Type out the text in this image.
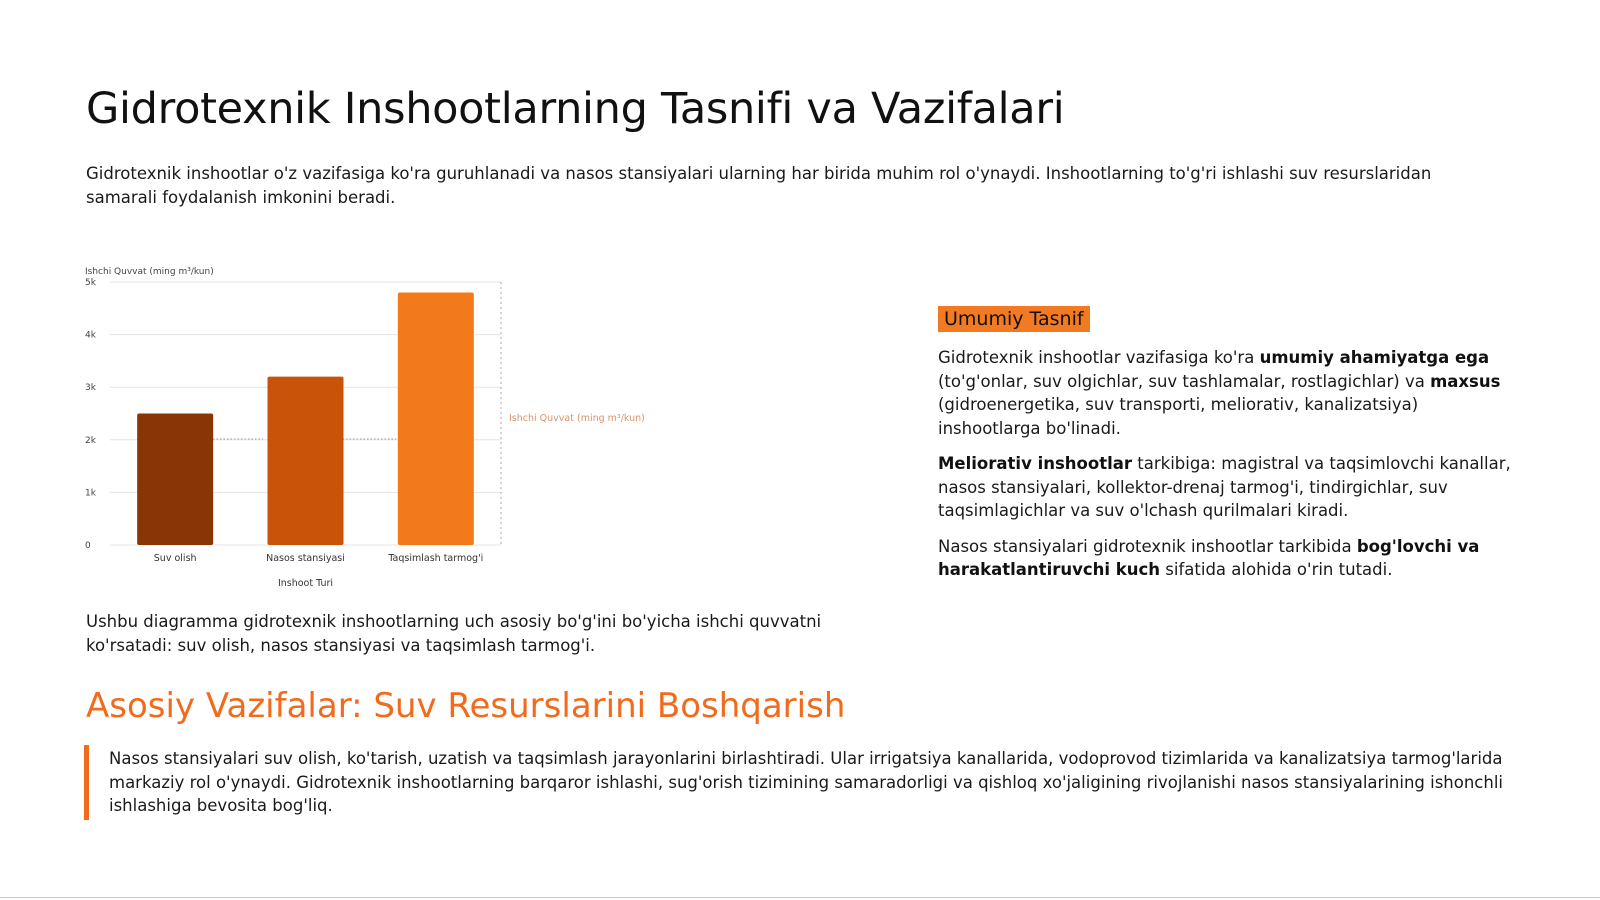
Gidrotexnik Inshootlarning Tasnifi va Vazifalari

Gidrotexnik inshootlar o'z vazifasiga ko'ra guruhlanadi va nasos stansiyalari ularning har birida muhim rol o'ynaydi. Inshootlarning to'g'ri ishlashi suv resurslaridan samarali foydalanish imkonini beradi.

0
1k
2k
3k
4k
5k
Ishchi Quvvat (ming m³/kun)
Suv olish	Nasos stansiyasi	Taqsimlash tarmog'i
Inshoot Turi
Ishchi Quvvat (ming m³/kun)

Ushbu diagramma gidrotexnik inshootlarning uch asosiy bo'g'ini bo'yicha ishchi quvvatni ko'rsatadi: suv olish, nasos stansiyasi va taqsimlash tarmog'i.

Umumiy Tasnif

Gidrotexnik inshootlar vazifasiga ko'ra umumiy ahamiyatga ega (to'g'onlar, suv olgichlar, suv tashlamalar, rostlagichlar) va maxsus (gidroenergetika, suv transporti, meliorativ, kanalizatsiya) inshootlarga bo'linadi.

Meliorativ inshootlar tarkibiga: magistral va taqsimlovchi kanallar, nasos stansiyalari, kollektor-drenaj tarmog'i, tindirgichlar, suv taqsimlagichlar va suv o'lchash qurilmalari kiradi.

Nasos stansiyalari gidrotexnik inshootlar tarkibida bog'lovchi va harakatlantiruvchi kuch sifatida alohida o'rin tutadi.

Asosiy Vazifalar: Suv Resurslarini Boshqarish

Nasos stansiyalari suv olish, ko'tarish, uzatish va taqsimlash jarayonlarini birlashtiradi. Ular irrigatsiya kanallarida, vodoprovod tizimlarida va kanalizatsiya tarmog'larida markaziy rol o'ynaydi. Gidrotexnik inshootlarning barqaror ishlashi, sug'orish tizimining samaradorligi va qishloq xo'jaligining rivojlanishi nasos stansiyalarining ishonchli ishlashiga bevosita bog'liq.
